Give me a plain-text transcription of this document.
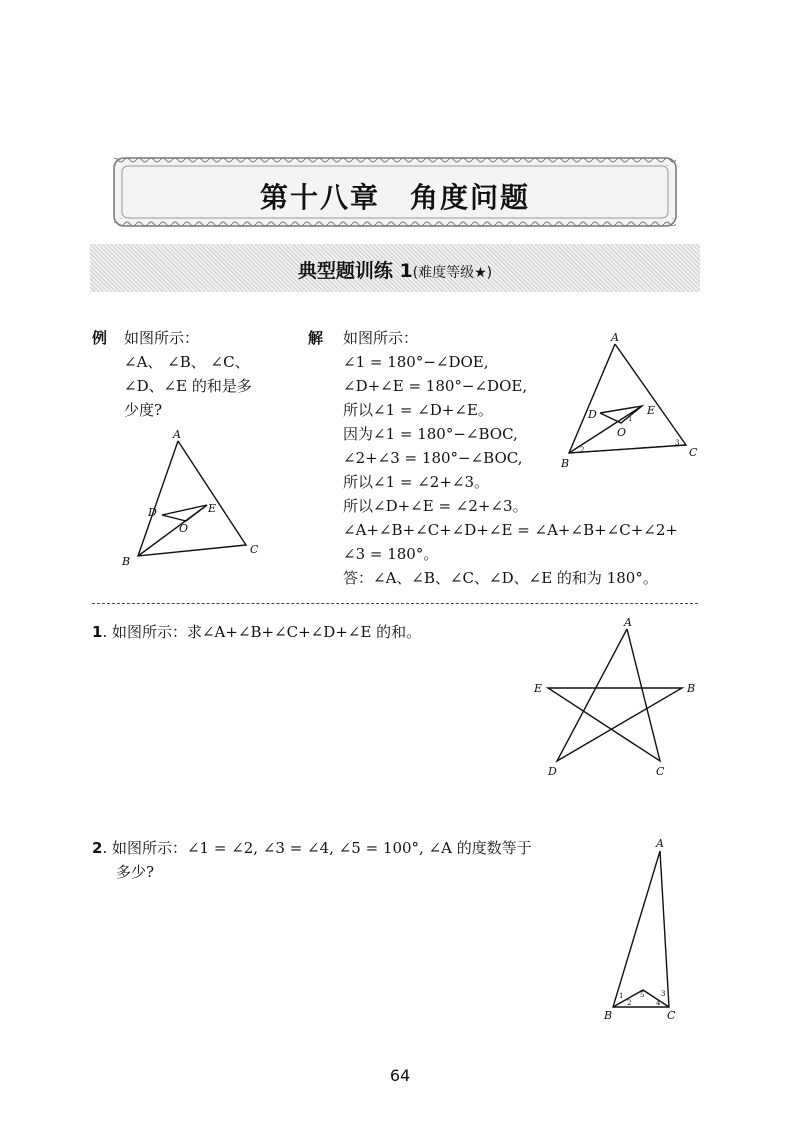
第十八章　角度问题
典型题训练 1(难度等级★)
例 如图所示：
∠A、 ∠B、 ∠C、
∠D、∠E 的和是多
少度?
A
B
C
D	E
O
解 如图所示：
∠1 = 180°−∠DOE,
∠D+∠E = 180°−∠DOE,
所以∠1 = ∠D+∠E。
因为∠1 = 180°−∠BOC,
∠2+∠3 = 180°−∠BOC,
所以∠1 = ∠2+∠3。
所以∠D+∠E = ∠2+∠3。
∠A+∠B+∠C+∠D+∠E = ∠A+∠B+∠C+∠2+
∠3 = 180°。
答：∠A、∠B、∠C、∠D、∠E 的和为 180°。
A
B
C
D	E
O
1
2
3
1. 如图所示：求∠A+∠B+∠C+∠D+∠E 的和。
A
B
C
D
E
2. 如图所示：∠1 = ∠2, ∠3 = ∠4, ∠5 = 100°, ∠A 的度数等于
多少?
A
B	C
1
2
3
4
5
64
